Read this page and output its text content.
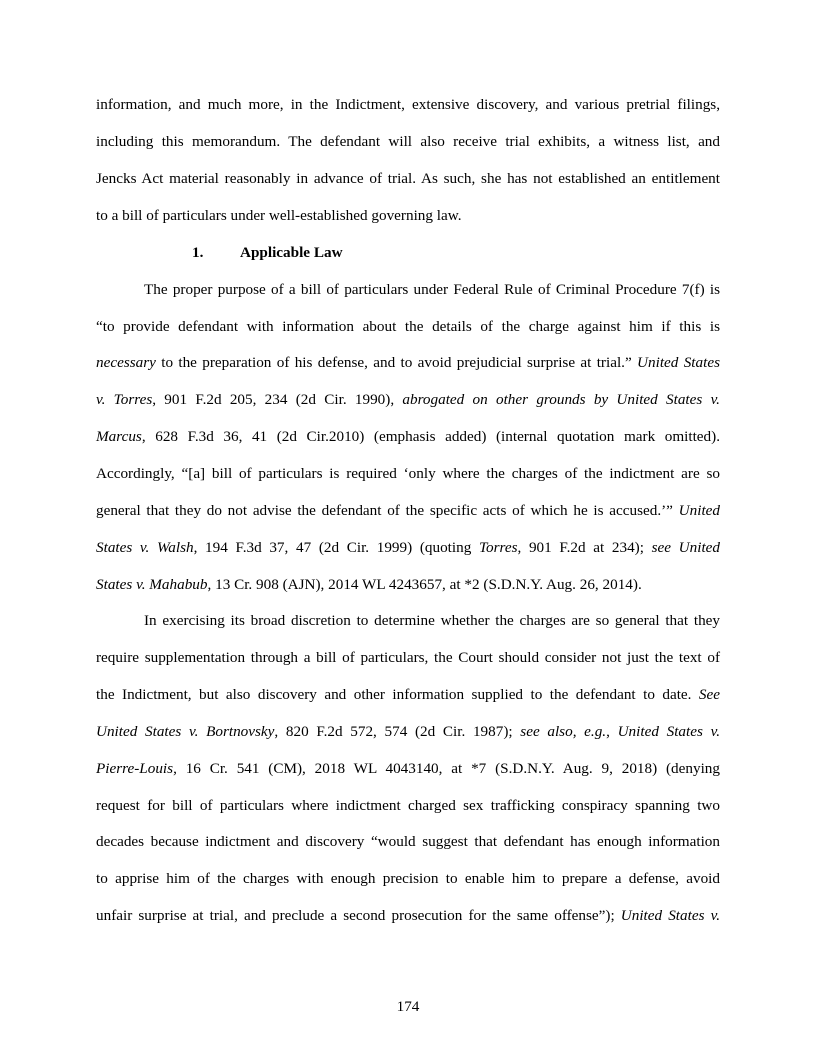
information, and much more, in the Indictment, extensive discovery, and various pretrial filings,
including this memorandum. The defendant will also receive trial exhibits, a witness list, and
Jencks Act material reasonably in advance of trial. As such, she has not established an entitlement
to a bill of particulars under well-established governing law.
1. Applicable Law
The proper purpose of a bill of particulars under Federal Rule of Criminal Procedure 7(f) is
“to provide defendant with information about the details of the charge against him if this is
necessary to the preparation of his defense, and to avoid prejudicial surprise at trial.” United States
v. Torres, 901 F.2d 205, 234 (2d Cir. 1990), abrogated on other grounds by United States v.
Marcus, 628 F.3d 36, 41 (2d Cir.2010) (emphasis added) (internal quotation mark omitted).
Accordingly, “[a] bill of particulars is required ‘only where the charges of the indictment are so
general that they do not advise the defendant of the specific acts of which he is accused.’” United
States v. Walsh, 194 F.3d 37, 47 (2d Cir. 1999) (quoting Torres, 901 F.2d at 234); see United
States v. Mahabub, 13 Cr. 908 (AJN), 2014 WL 4243657, at *2 (S.D.N.Y. Aug. 26, 2014).
In exercising its broad discretion to determine whether the charges are so general that they
require supplementation through a bill of particulars, the Court should consider not just the text of
the Indictment, but also discovery and other information supplied to the defendant to date. See
United States v. Bortnovsky, 820 F.2d 572, 574 (2d Cir. 1987); see also, e.g., United States v.
Pierre-Louis, 16 Cr. 541 (CM), 2018 WL 4043140, at *7 (S.D.N.Y. Aug. 9, 2018) (denying
request for bill of particulars where indictment charged sex trafficking conspiracy spanning two
decades because indictment and discovery “would suggest that defendant has enough information
to apprise him of the charges with enough precision to enable him to prepare a defense, avoid
unfair surprise at trial, and preclude a second prosecution for the same offense”); United States v.
174
